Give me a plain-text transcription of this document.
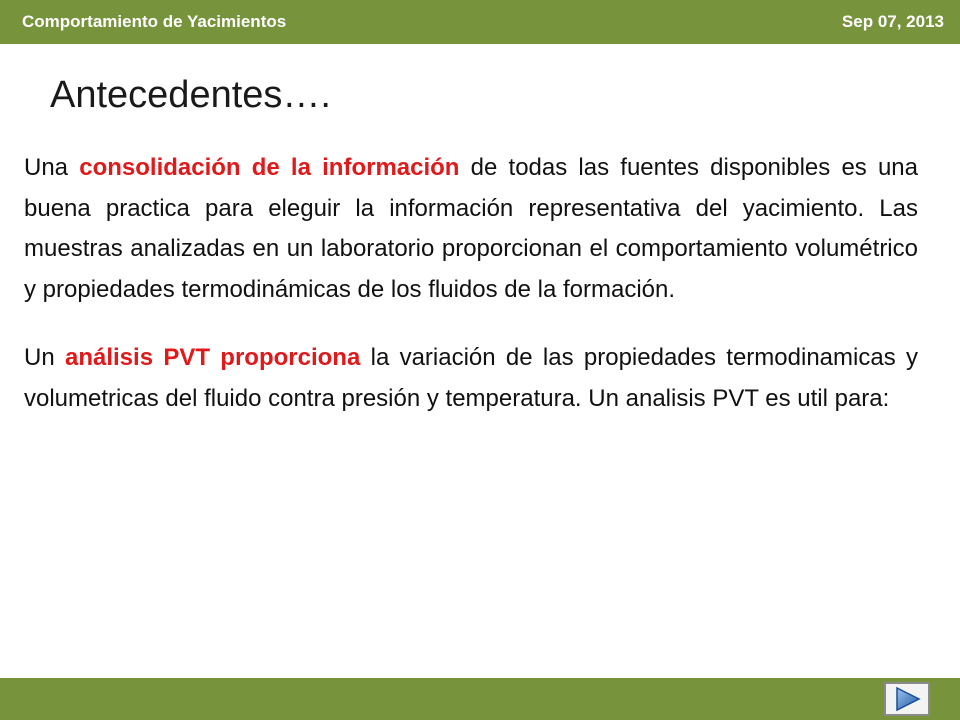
Comportamiento de Yacimientos	Sep 07, 2013
Antecedentes….

Una consolidación de la información de todas las fuentes disponibles es una buena practica para eleguir la información representativa del yacimiento. Las muestras analizadas en un laboratorio proporcionan el comportamiento volumétrico y propiedades termodinámicas de los fluidos de la formación.

Un análisis PVT proporciona la variación de las propiedades termodinamicas y volumetricas del fluido contra presión y temperatura. Un analisis PVT es util para:
